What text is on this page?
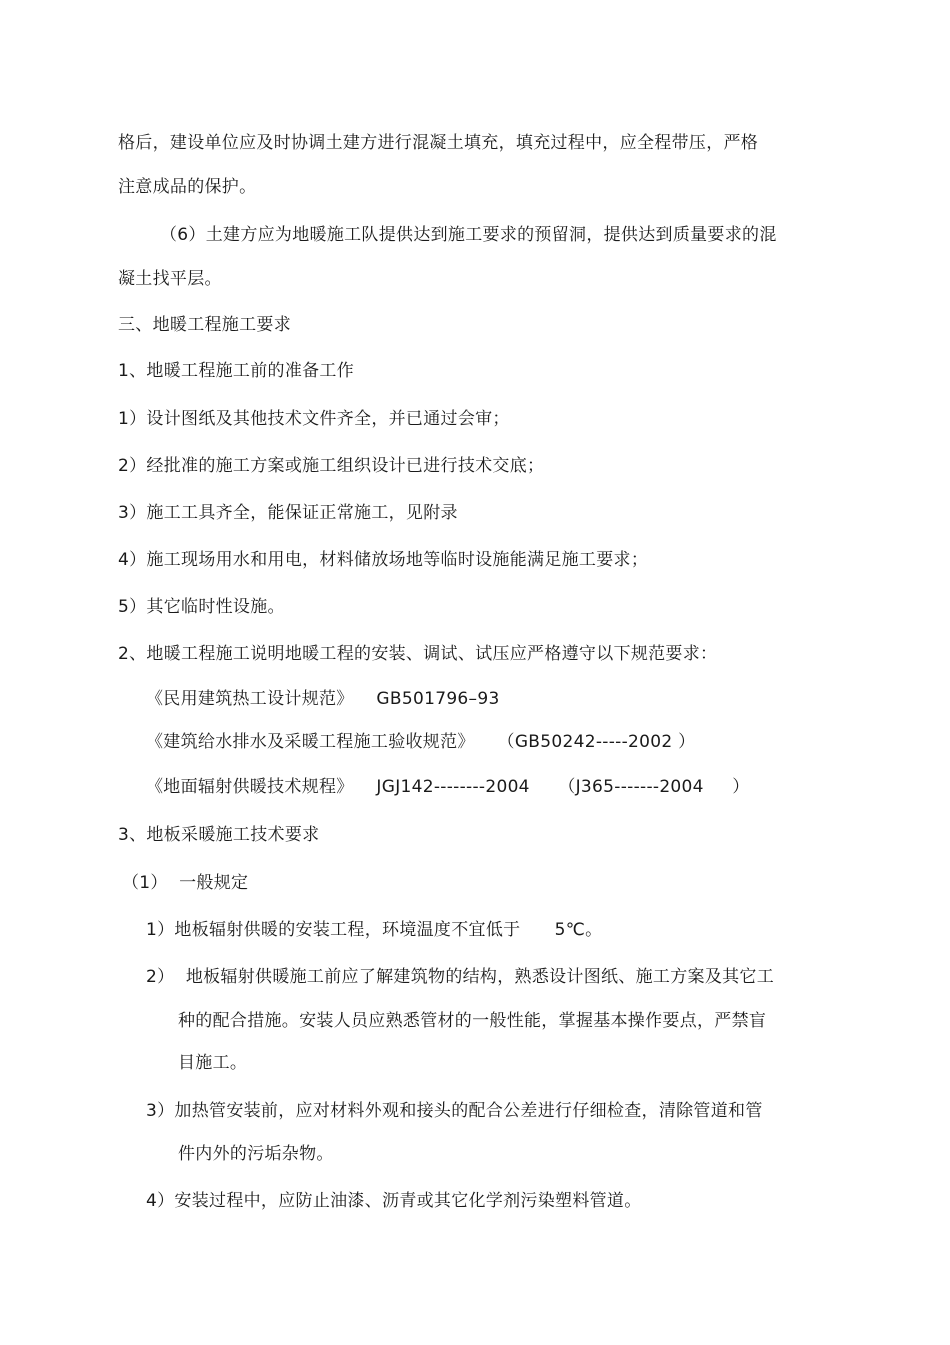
格后，建设单位应及时协调土建方进行混凝土填充，填充过程中，应全程带压，严格
注意成品的保护。
（6）土建方应为地暖施工队提供达到施工要求的预留洞，提供达到质量要求的混
凝土找平层。
三、地暖工程施工要求
1、地暖工程施工前的准备工作
1）设计图纸及其他技术文件齐全，并已通过会审；
2）经批准的施工方案或施工组织设计已进行技术交底；
3）施工工具齐全，能保证正常施工，见附录
4）施工现场用水和用电，材料储放场地等临时设施能满足施工要求；
5）其它临时性设施。
2、地暖工程施工说明地暖工程的安装、调试、试压应严格遵守以下规范要求：
《民用建筑热工设计规范》    GB501796–93
《建筑给水排水及采暖工程施工验收规范》    （GB50242-----2002 ）
《地面辐射供暖技术规程》    JGJ142--------2004     （J365-------2004     ）
3、地板采暖施工技术要求
（1）  一般规定
1）地板辐射供暖的安装工程，环境温度不宜低于      5℃。
2）  地板辐射供暖施工前应了解建筑物的结构，熟悉设计图纸、施工方案及其它工
种的配合措施。安装人员应熟悉管材的一般性能，掌握基本操作要点，严禁盲
目施工。
3）加热管安装前，应对材料外观和接头的配合公差进行仔细检查，清除管道和管
件内外的污垢杂物。
4）安装过程中，应防止油漆、沥青或其它化学剂污染塑料管道。
